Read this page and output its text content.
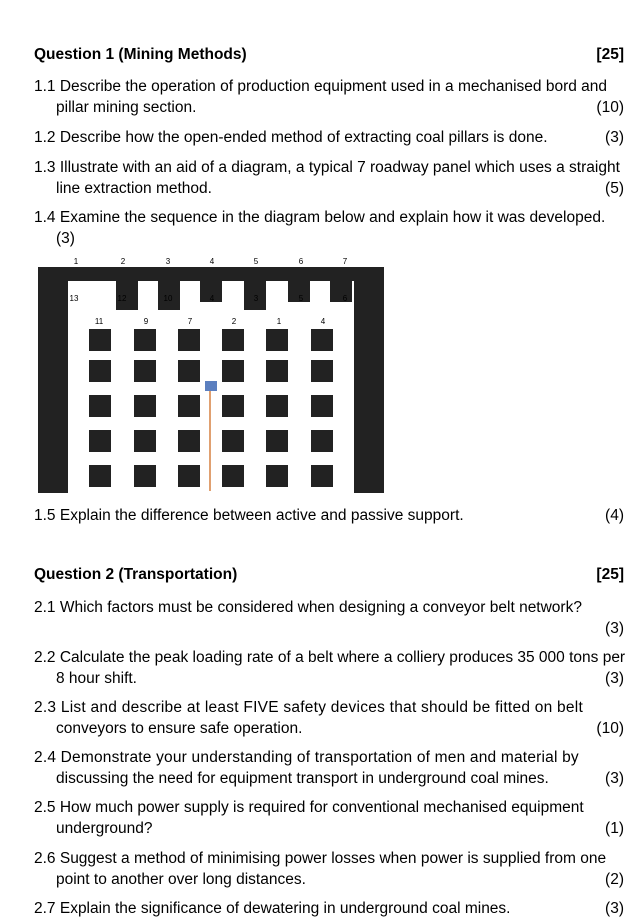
Question 1 (Mining Methods)	[25]
1.1 Describe the operation of production equipment used in a mechanised bord and
pillar mining section.	(10)
1.2 Describe how the open-ended method of extracting coal pillars is done.	(3)
1.3 Illustrate with an aid of a diagram, a typical 7 roadway panel which uses a straight
line extraction method.	(5)
1.4 Examine the sequence in the diagram below and explain how it was developed.
(3)
1	2	3	4	5	6	7
13	12	10	4	3	5	6
11	9	7	2	1	4
1.5 Explain the difference between active and passive support.	(4)
Question 2 (Transportation)	[25]
2.1 Which factors must be considered when designing a conveyor belt network?
(3)
2.2 Calculate the peak loading rate of a belt where a colliery produces 35 000 tons per
8 hour shift.	(3)
2.3 List and describe at least FIVE safety devices that should be fitted on belt
conveyors to ensure safe operation.	(10)
2.4 Demonstrate your understanding of transportation of men and material by
discussing the need for equipment transport in underground coal mines.	(3)
2.5 How much power supply is required for conventional mechanised equipment
underground?	(1)
2.6 Suggest a method of minimising power losses when power is supplied from one
point to another over long distances.	(2)
2.7 Explain the significance of dewatering in underground coal mines.	(3)
